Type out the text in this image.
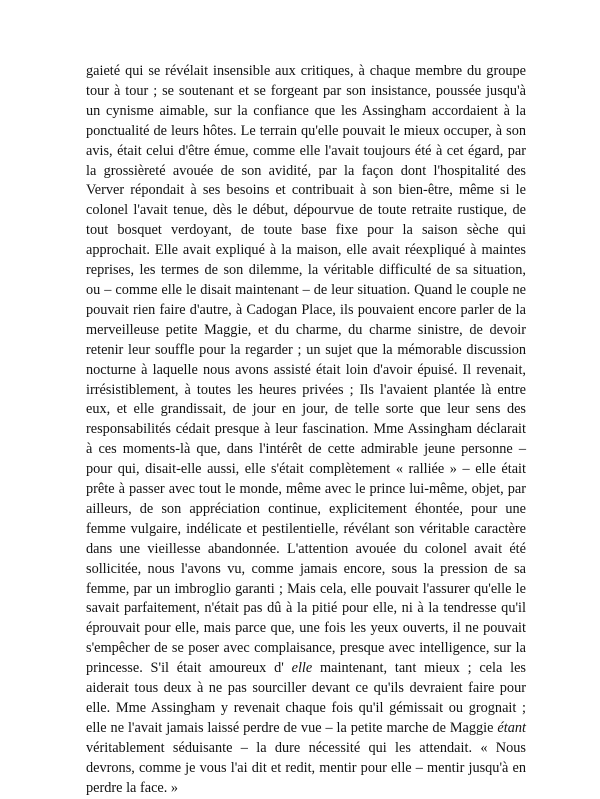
gaieté qui se révélait insensible aux critiques, à chaque membre du groupe
tour à tour ; se soutenant et se forgeant par son insistance, poussée jusqu'à
un cynisme aimable, sur la confiance que les Assingham accordaient à la
ponctualité de leurs hôtes. Le terrain qu'elle pouvait le mieux occuper, à son
avis, était celui d'être émue, comme elle l'avait toujours été à cet égard, par
la grossièreté avouée de son avidité, par la façon dont l'hospitalité des
Verver répondait à ses besoins et contribuait à son bien-être, même si le
colonel l'avait tenue, dès le début, dépourvue de toute retraite rustique, de
tout bosquet verdoyant, de toute base fixe pour la saison sèche qui
approchait. Elle avait expliqué à la maison, elle avait réexpliqué à maintes
reprises, les termes de son dilemme, la véritable difficulté de sa situation,
ou – comme elle le disait maintenant – de leur situation. Quand le couple ne
pouvait rien faire d'autre, à Cadogan Place, ils pouvaient encore parler de la
merveilleuse petite Maggie, et du charme, du charme sinistre, de devoir
retenir leur souffle pour la regarder ; un sujet que la mémorable discussion
nocturne à laquelle nous avons assisté était loin d'avoir épuisé. Il revenait,
irrésistiblement, à toutes les heures privées ; Ils l'avaient plantée là entre
eux, et elle grandissait, de jour en jour, de telle sorte que leur sens des
responsabilités cédait presque à leur fascination. Mme Assingham déclarait
à ces moments-là que, dans l'intérêt de cette admirable jeune personne –
pour qui, disait-elle aussi, elle s'était complètement « ralliée » – elle était
prête à passer avec tout le monde, même avec le prince lui-même, objet, par
ailleurs, de son appréciation continue, explicitement éhontée, pour une
femme vulgaire, indélicate et pestilentielle, révélant son véritable caractère
dans une vieillesse abandonnée. L'attention avouée du colonel avait été
sollicitée, nous l'avons vu, comme jamais encore, sous la pression de sa
femme, par un imbroglio garanti ; Mais cela, elle pouvait l'assurer qu'elle le
savait parfaitement, n'était pas dû à la pitié pour elle, ni à la tendresse qu'il
éprouvait pour elle, mais parce que, une fois les yeux ouverts, il ne pouvait
s'empêcher de se poser avec complaisance, presque avec intelligence, sur la
princesse. S'il était amoureux d' elle maintenant, tant mieux ; cela les
aiderait tous deux à ne pas sourciller devant ce qu'ils devraient faire pour
elle. Mme Assingham y revenait chaque fois qu'il gémissait ou grognait ;
elle ne l'avait jamais laissé perdre de vue – la petite marche de Maggie étant
véritablement séduisante – la dure nécessité qui les attendait. « Nous
devrons, comme je vous l'ai dit et redit, mentir pour elle – mentir jusqu'à en
perdre la face. »
